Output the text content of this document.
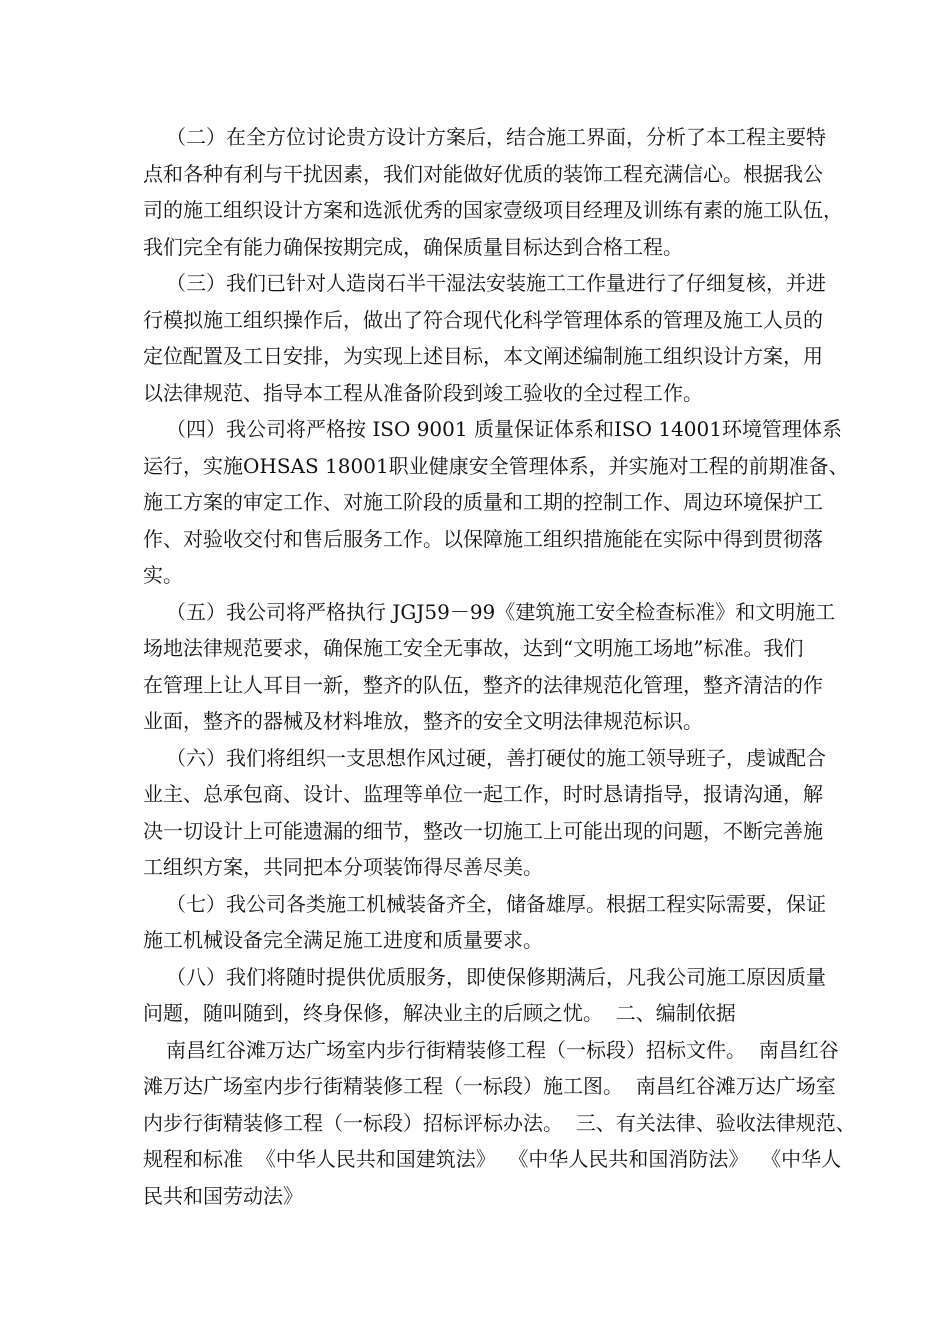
（二）在全方位讨论贵方设计方案后，结合施工界面，分析了本工程主要特
点和各种有利与干扰因素，我们对能做好优质的装饰工程充满信心。根据我公
司的施工组织设计方案和选派优秀的国家壹级项目经理及训练有素的施工队伍，
我们完全有能力确保按期完成，确保质量目标达到合格工程。
（三）我们已针对人造岗石半干湿法安装施工工作量进行了仔细复核，并进
行模拟施工组织操作后，做出了符合现代化科学管理体系的管理及施工人员的
定位配置及工日安排，为实现上述目标，本文阐述编制施工组织设计方案，用
以法律规范、指导本工程从准备阶段到竣工验收的全过程工作。
（四）我公司将严格按 ISO 9001 质量保证体系和ISO 14001环境管理体系
运行，实施OHSAS 18001职业健康安全管理体系，并实施对工程的前期准备、
施工方案的审定工作、对施工阶段的质量和工期的控制工作、周边环境保护工
作、对验收交付和售后服务工作。以保障施工组织措施能在实际中得到贯彻落
实。
（五）我公司将严格执行 JGJ59－99《建筑施工安全检查标准》和文明施工
场地法律规范要求，确保施工安全无事故，达到“文明施工场地”标准。我们
在管理上让人耳目一新，整齐的队伍，整齐的法律规范化管理，整齐清洁的作
业面，整齐的器械及材料堆放，整齐的安全文明法律规范标识。
（六）我们将组织一支思想作风过硬，善打硬仗的施工领导班子，虔诚配合
业主、总承包商、设计、监理等单位一起工作，时时恳请指导，报请沟通，解
决一切设计上可能遗漏的细节，整改一切施工上可能出现的问题，不断完善施
工组织方案，共同把本分项装饰得尽善尽美。
（七）我公司各类施工机械装备齐全，储备雄厚。根据工程实际需要，保证
施工机械设备完全满足施工进度和质量要求。
（八）我们将随时提供优质服务，即使保修期满后，凡我公司施工原因质量
问题，随叫随到，终身保修，解决业主的后顾之忧。  二、编制依据
南昌红谷滩万达广场室内步行街精装修工程（一标段）招标文件。  南昌红谷
滩万达广场室内步行街精装修工程（一标段）施工图。  南昌红谷滩万达广场室
内步行街精装修工程（一标段）招标评标办法。  三、有关法律、验收法律规范、
规程和标准  《中华人民共和国建筑法》  《中华人民共和国消防法》  《中华人
民共和国劳动法》
